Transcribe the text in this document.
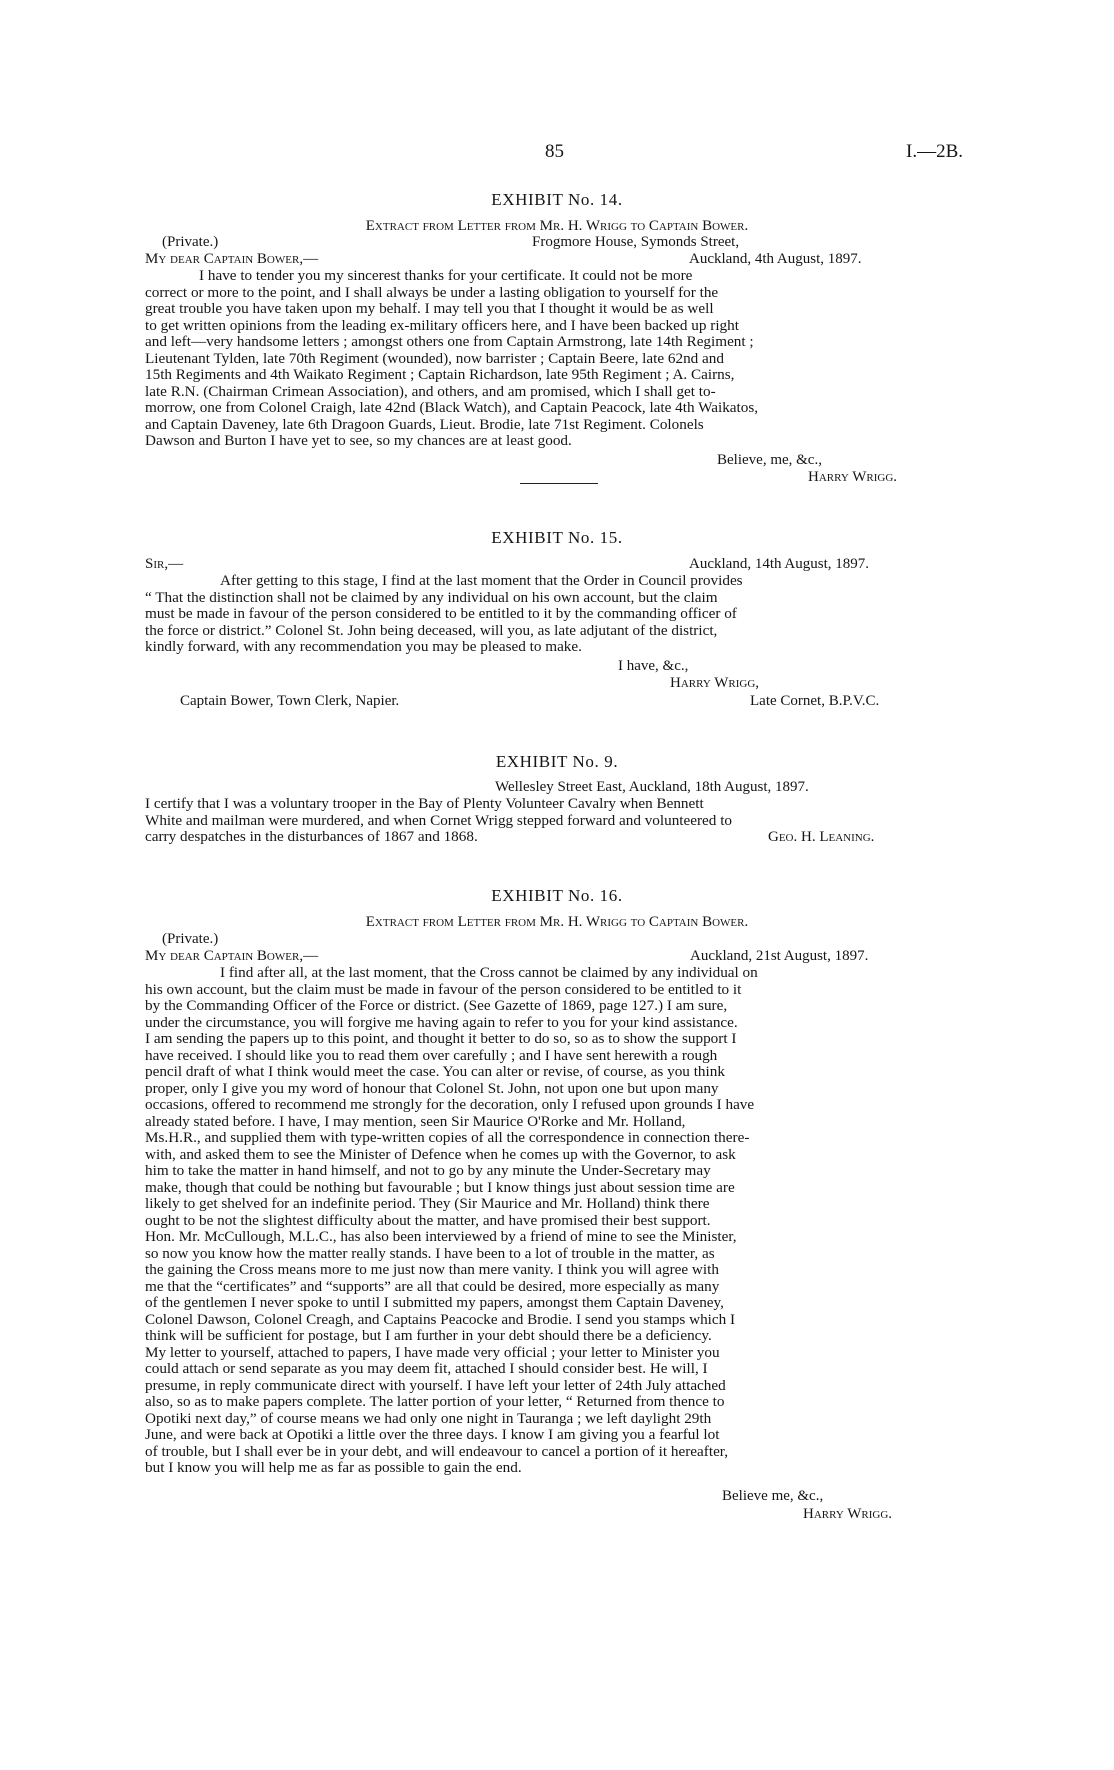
85	I.—2B.
EXHIBIT No. 14.
Extract from Letter from Mr. H. Wrigg to Captain Bower.
(Private.)	Frogmore House, Symonds Street,
My dear Captain Bower,—	Auckland, 4th August, 1897.
I have to tender you my sincerest thanks for your certificate. It could not be more
correct or more to the point, and I shall always be under a lasting obligation to yourself for the
great trouble you have taken upon my behalf. I may tell you that I thought it would be as well
to get written opinions from the leading ex-military officers here, and I have been backed up right
and left—very handsome letters ; amongst others one from Captain Armstrong, late 14th Regiment ;
Lieutenant Tylden, late 70th Regiment (wounded), now barrister ; Captain Beere, late 62nd and
15th Regiments and 4th Waikato Regiment ; Captain Richardson, late 95th Regiment ; A. Cairns,
late R.N. (Chairman Crimean Association), and others, and am promised, which I shall get to-
morrow, one from Colonel Craigh, late 42nd (Black Watch), and Captain Peacock, late 4th Waikatos,
and Captain Daveney, late 6th Dragoon Guards, Lieut. Brodie, late 71st Regiment. Colonels
Dawson and Burton I have yet to see, so my chances are at least good.
Believe, me, &c.,
Harry Wrigg.
EXHIBIT No. 15.
Sir,—	Auckland, 14th August, 1897.
After getting to this stage, I find at the last moment that the Order in Council provides
“ That the distinction shall not be claimed by any individual on his own account, but the claim
must be made in favour of the person considered to be entitled to it by the commanding officer of
the force or district.” Colonel St. John being deceased, will you, as late adjutant of the district,
kindly forward, with any recommendation you may be pleased to make.
I have, &c.,
Harry Wrigg,
Captain Bower, Town Clerk, Napier.	Late Cornet, B.P.V.C.
EXHIBIT No. 9.
Wellesley Street East, Auckland, 18th August, 1897.
I certify that I was a voluntary trooper in the Bay of Plenty Volunteer Cavalry when Bennett
White and mailman were murdered, and when Cornet Wrigg stepped forward and volunteered to
carry despatches in the disturbances of 1867 and 1868.	Geo. H. Leaning.
EXHIBIT No. 16.
Extract from Letter from Mr. H. Wrigg to Captain Bower.
(Private.)
My dear Captain Bower,—	Auckland, 21st August, 1897.
I find after all, at the last moment, that the Cross cannot be claimed by any individual on
his own account, but the claim must be made in favour of the person considered to be entitled to it
by the Commanding Officer of the Force or district. (See Gazette of 1869, page 127.) I am sure,
under the circumstance, you will forgive me having again to refer to you for your kind assistance.
I am sending the papers up to this point, and thought it better to do so, so as to show the support I
have received. I should like you to read them over carefully ; and I have sent herewith a rough
pencil draft of what I think would meet the case. You can alter or revise, of course, as you think
proper, only I give you my word of honour that Colonel St. John, not upon one but upon many
occasions, offered to recommend me strongly for the decoration, only I refused upon grounds I have
already stated before. I have, I may mention, seen Sir Maurice O'Rorke and Mr. Holland,
Ms.H.R., and supplied them with type-written copies of all the correspondence in connection there-
with, and asked them to see the Minister of Defence when he comes up with the Governor, to ask
him to take the matter in hand himself, and not to go by any minute the Under-Secretary may
make, though that could be nothing but favourable ; but I know things just about session time are
likely to get shelved for an indefinite period. They (Sir Maurice and Mr. Holland) think there
ought to be not the slightest difficulty about the matter, and have promised their best support.
Hon. Mr. McCullough, M.L.C., has also been interviewed by a friend of mine to see the Minister,
so now you know how the matter really stands. I have been to a lot of trouble in the matter, as
the gaining the Cross means more to me just now than mere vanity. I think you will agree with
me that the “certificates” and “supports” are all that could be desired, more especially as many
of the gentlemen I never spoke to until I submitted my papers, amongst them Captain Daveney,
Colonel Dawson, Colonel Creagh, and Captains Peacocke and Brodie. I send you stamps which I
think will be sufficient for postage, but I am further in your debt should there be a deficiency.
My letter to yourself, attached to papers, I have made very official ; your letter to Minister you
could attach or send separate as you may deem fit, attached I should consider best. He will, I
presume, in reply communicate direct with yourself. I have left your letter of 24th July attached
also, so as to make papers complete. The latter portion of your letter, “ Returned from thence to
Opotiki next day,” of course means we had only one night in Tauranga ; we left daylight 29th
June, and were back at Opotiki a little over the three days. I know I am giving you a fearful lot
of trouble, but I shall ever be in your debt, and will endeavour to cancel a portion of it hereafter,
but I know you will help me as far as possible to gain the end.
Believe me, &c.,
Harry Wrigg.
